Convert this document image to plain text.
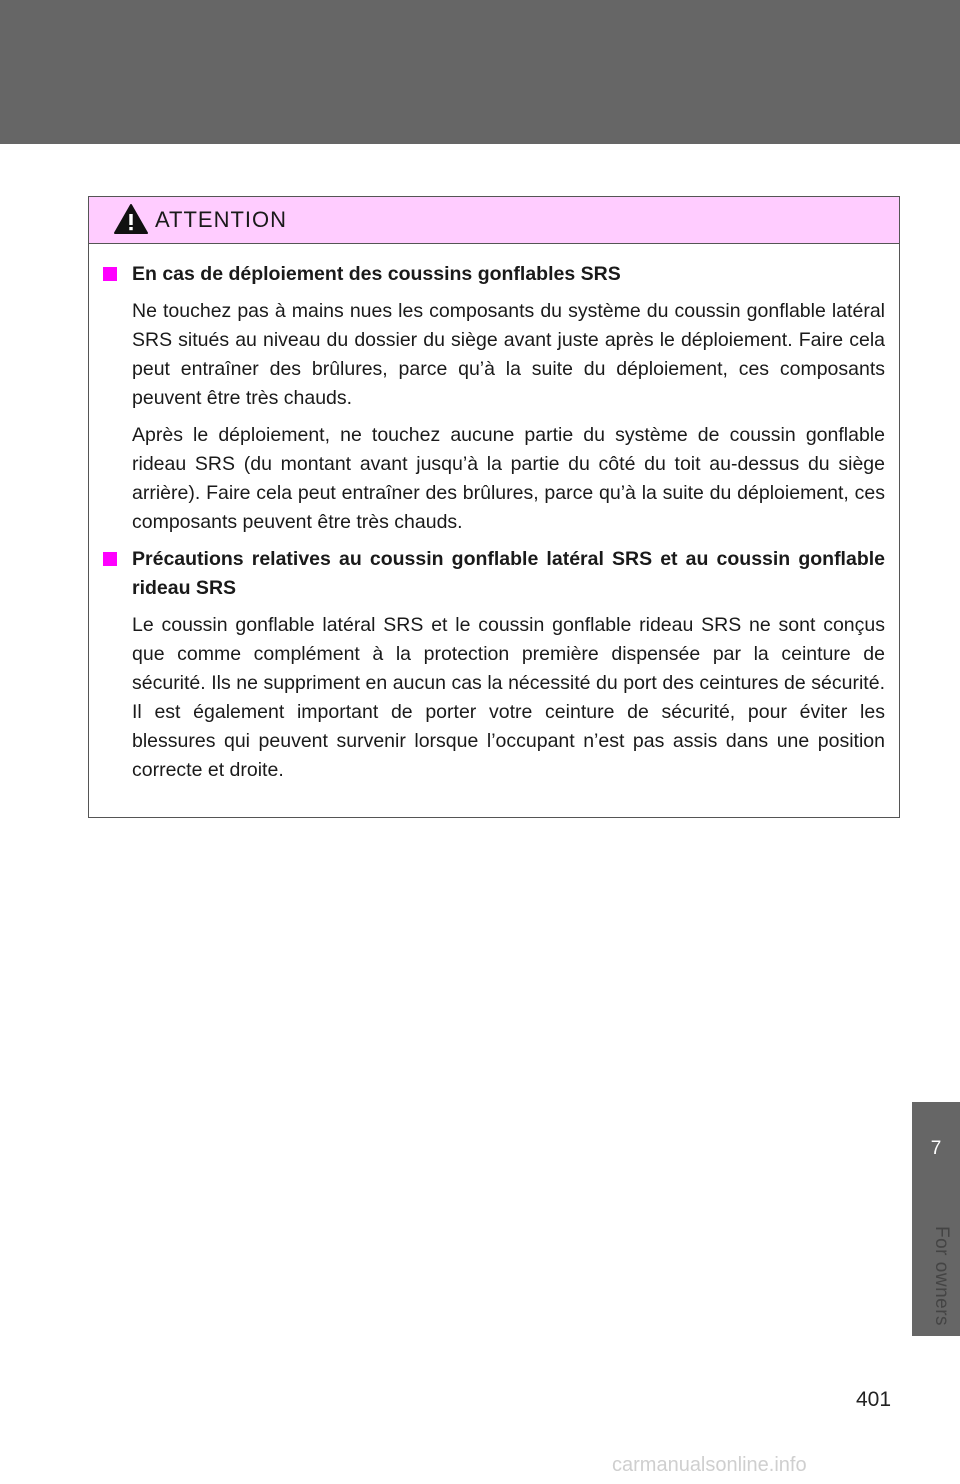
ATTENTION
En cas de déploiement des coussins gonflables SRS

Ne touchez pas à mains nues les composants du système du coussin gonflable latéral SRS situés au niveau du dossier du siège avant juste après le déploiement. Faire cela peut entraîner des brûlures, parce qu’à la suite du déploiement, ces composants peuvent être très chauds.

Après le déploiement, ne touchez aucune partie du système de coussin gonflable rideau SRS (du montant avant jusqu’à la partie du côté du toit au-dessus du siège arrière). Faire cela peut entraîner des brûlures, parce qu’à la suite du déploiement, ces composants peuvent être très chauds.

Précautions relatives au coussin gonflable latéral SRS et au coussin gonflable rideau SRS

Le coussin gonflable latéral SRS et le coussin gonflable rideau SRS ne sont conçus que comme complément à la protection première dispensée par la ceinture de sécurité. Ils ne suppriment en aucun cas la nécessité du port des ceintures de sécurité. Il est également important de porter votre ceinture de sécurité, pour éviter les blessures qui peuvent survenir lorsque l’occupant n’est pas assis dans une position correcte et droite.

7
For owners
401
carmanualsonline.info
